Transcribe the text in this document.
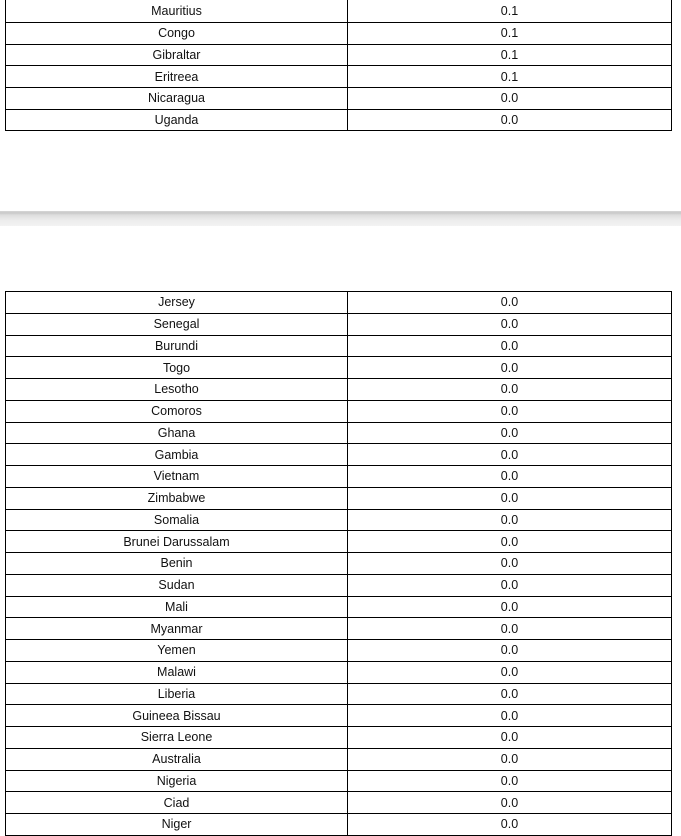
Mauritius	0.1
Congo	0.1
Gibraltar	0.1
Eritreea	0.1
Nicaragua	0.0
Uganda	0.0
Jersey	0.0
Senegal	0.0
Burundi	0.0
Togo	0.0
Lesotho	0.0
Comoros	0.0
Ghana	0.0
Gambia	0.0
Vietnam	0.0
Zimbabwe	0.0
Somalia	0.0
Brunei Darussalam	0.0
Benin	0.0
Sudan	0.0
Mali	0.0
Myanmar	0.0
Yemen	0.0
Malawi	0.0
Liberia	0.0
Guineea Bissau	0.0
Sierra Leone	0.0
Australia	0.0
Nigeria	0.0
Ciad	0.0
Niger	0.0
